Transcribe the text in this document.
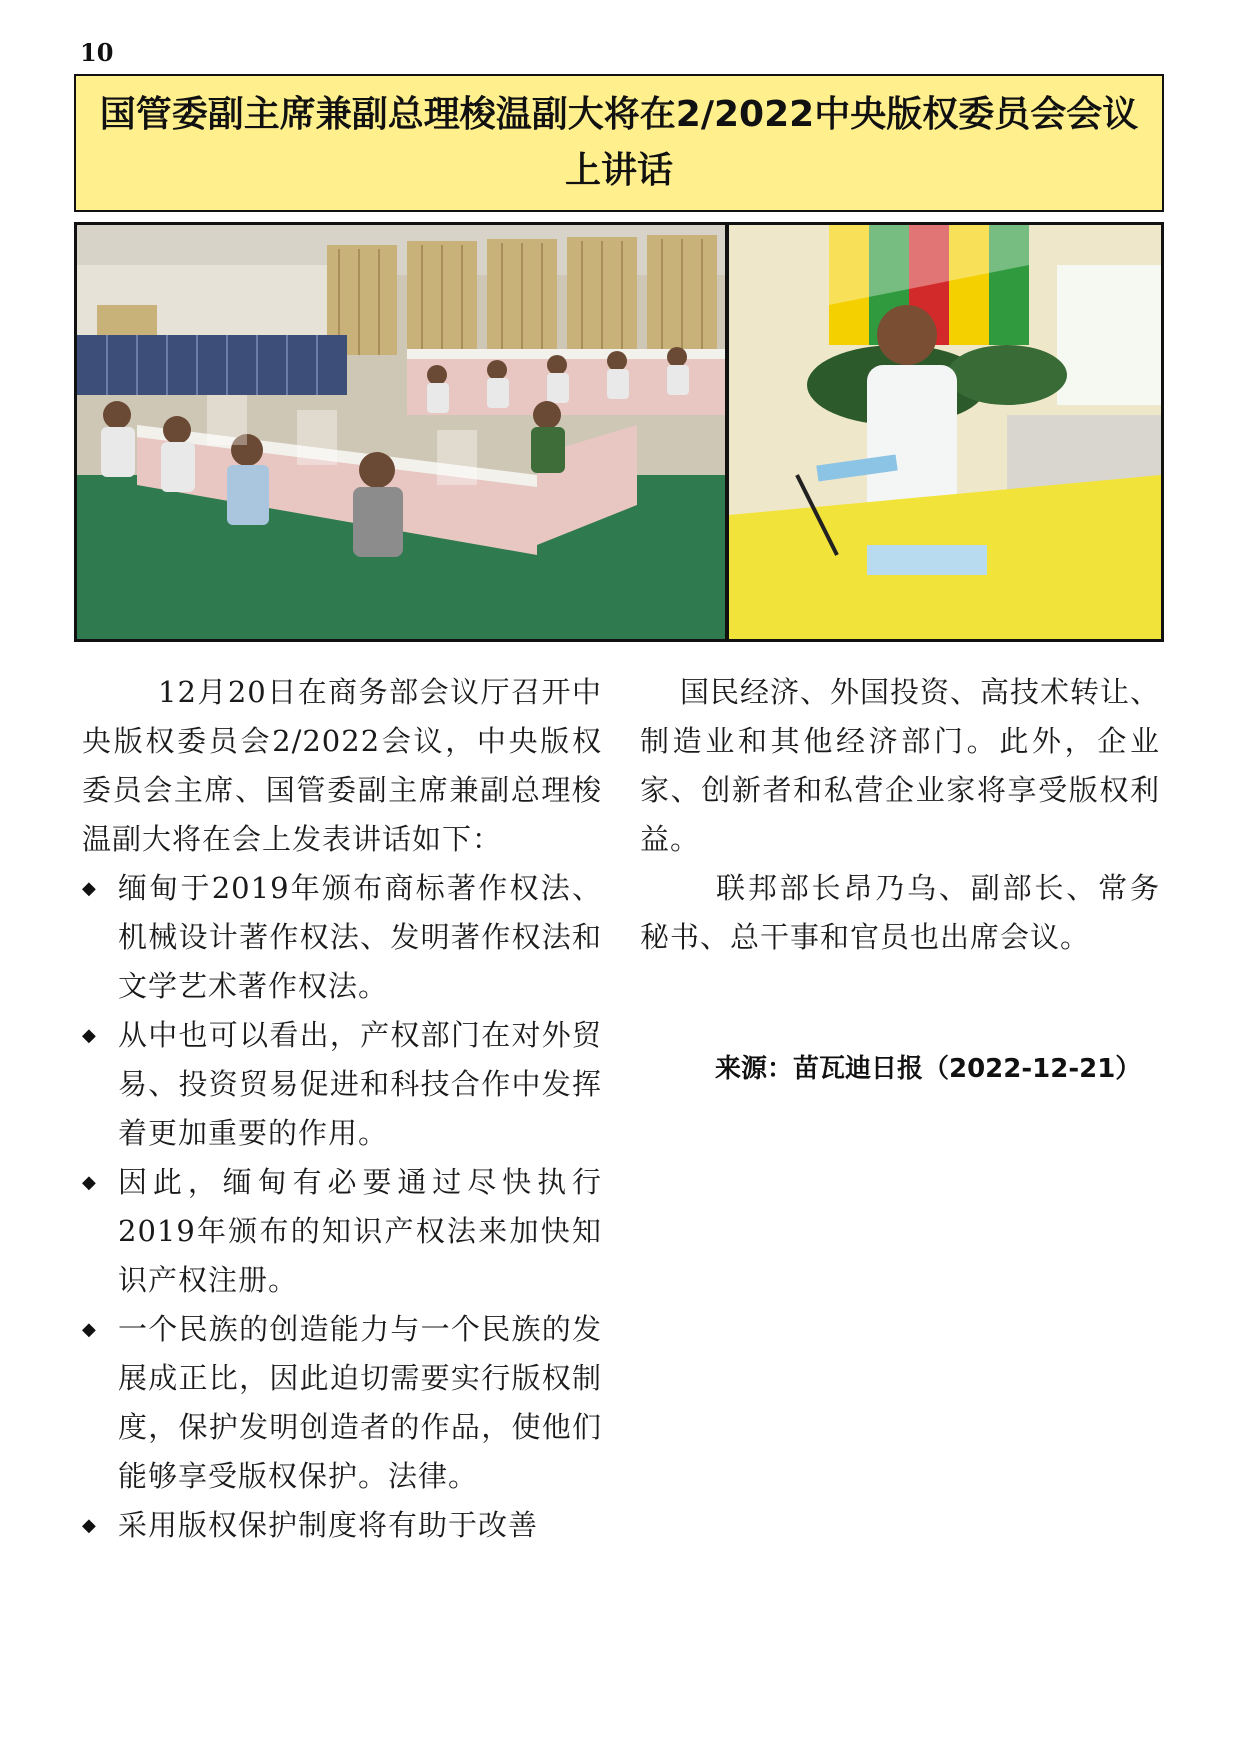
10
国管委副主席兼副总理梭温副大将在2/2022中央版权委员会会议上讲话

12月20日在商务部会议厅召开中央版权委员会2/2022会议，中央版权委员会主席、国管委副主席兼副总理梭温副大将在会上发表讲话如下：

◆ 缅甸于2019年颁布商标著作权法、机械设计著作权法、发明著作权法和文学艺术著作权法。
◆ 从中也可以看出，产权部门在对外贸易、投资贸易促进和科技合作中发挥着更加重要的作用。
◆ 因此，缅甸有必要通过尽快执行2019年颁布的知识产权法来加快知识产权注册。
◆ 一个民族的创造能力与一个民族的发展成正比，因此迫切需要实行版权制度，保护发明创造者的作品，使他们能够享受版权保护。法律。
◆ 采用版权保护制度将有助于改善

国民经济、外国投资、高技术转让、制造业和其他经济部门。此外，企业家、创新者和私营企业家将享受版权利益。

联邦部长昂乃乌、副部长、常务秘书、总干事和官员也出席会议。

来源：苗瓦迪日报（2022-12-21）
